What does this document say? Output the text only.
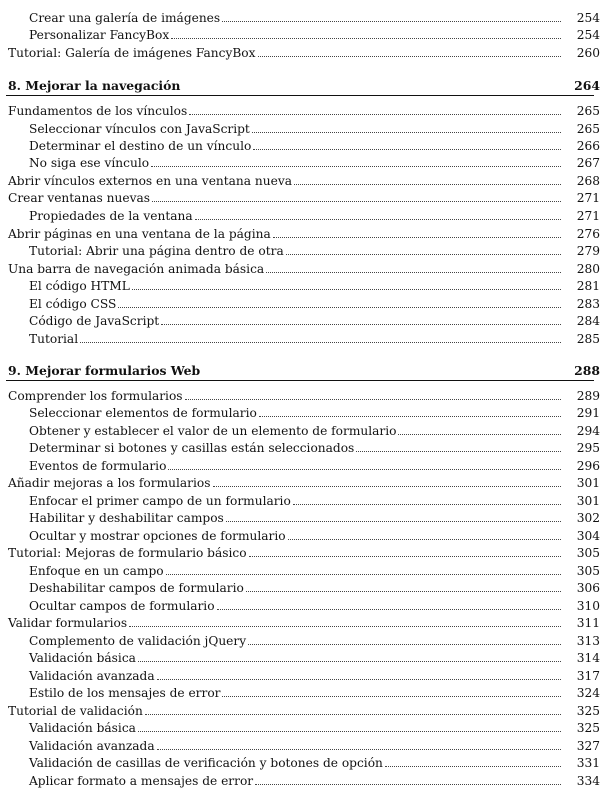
Crear una galería de imágenes	254
Personalizar FancyBox	254
Tutorial: Galería de imágenes FancyBox	260
8. Mejorar la navegación	264
Fundamentos de los vínculos	265
Seleccionar vínculos con JavaScript	265
Determinar el destino de un vínculo	266
No siga ese vínculo	267
Abrir vínculos externos en una ventana nueva	268
Crear ventanas nuevas	271
Propiedades de la ventana	271
Abrir páginas en una ventana de la página	276
Tutorial: Abrir una página dentro de otra	279
Una barra de navegación animada básica	280
El código HTML	281
El código CSS	283
Código de JavaScript	284
Tutorial	285
9. Mejorar formularios Web	288
Comprender los formularios	289
Seleccionar elementos de formulario	291
Obtener y establecer el valor de un elemento de formulario	294
Determinar si botones y casillas están seleccionados	295
Eventos de formulario	296
Añadir mejoras a los formularios	301
Enfocar el primer campo de un formulario	301
Habilitar y deshabilitar campos	302
Ocultar y mostrar opciones de formulario	304
Tutorial: Mejoras de formulario básico	305
Enfoque en un campo	305
Deshabilitar campos de formulario	306
Ocultar campos de formulario	310
Validar formularios	311
Complemento de validación jQuery	313
Validación básica	314
Validación avanzada	317
Estilo de los mensajes de error	324
Tutorial de validación	325
Validación básica	325
Validación avanzada	327
Validación de casillas de verificación y botones de opción	331
Aplicar formato a mensajes de error	334
